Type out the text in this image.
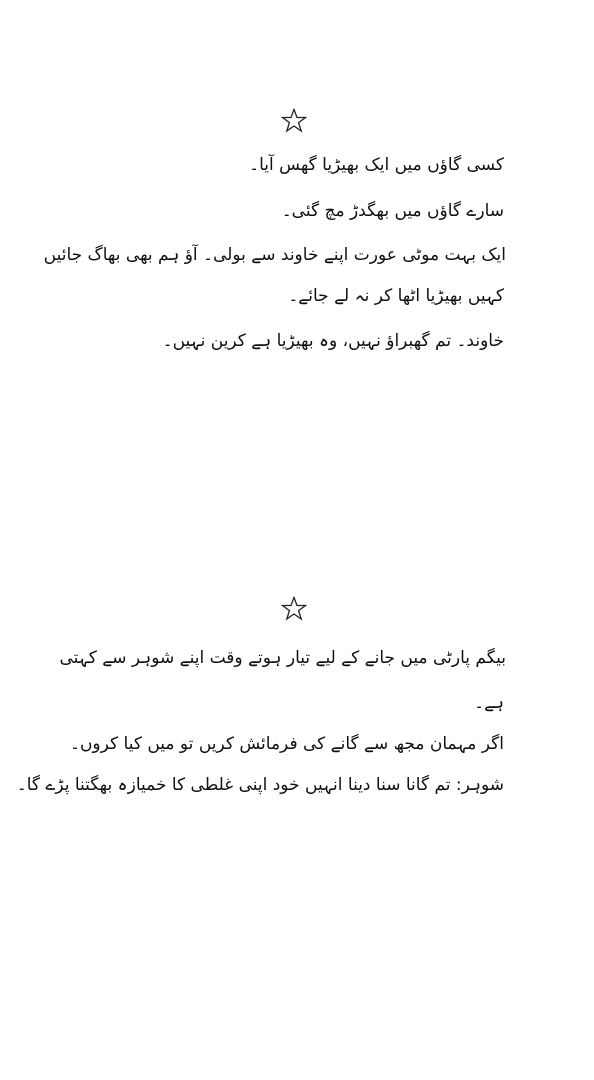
کسی گاؤں میں ایک بھیڑیا گھس آیا۔
سارے گاؤں میں بھگدڑ مچ گئی۔
ایک بہت موٹی عورت اپنے خاوند سے بولی۔ آؤ ہم بھی بھاگ جائیں
کہیں بھیڑیا اٹھا کر نہ لے جائے۔
خاوند۔ تم گھبراؤ نہیں، وہ بھیڑیا ہے کرین نہیں۔
بیگم پارٹی میں جانے کے لیے تیار ہوتے وقت اپنے شوہر سے کہتی
ہے۔
اگر مہمان مجھ سے گانے کی فرمائش کریں تو میں کیا کروں۔
شوہر: تم گانا سنا دینا انہیں خود اپنی غلطی کا خمیازہ بھگتنا پڑے گا۔
